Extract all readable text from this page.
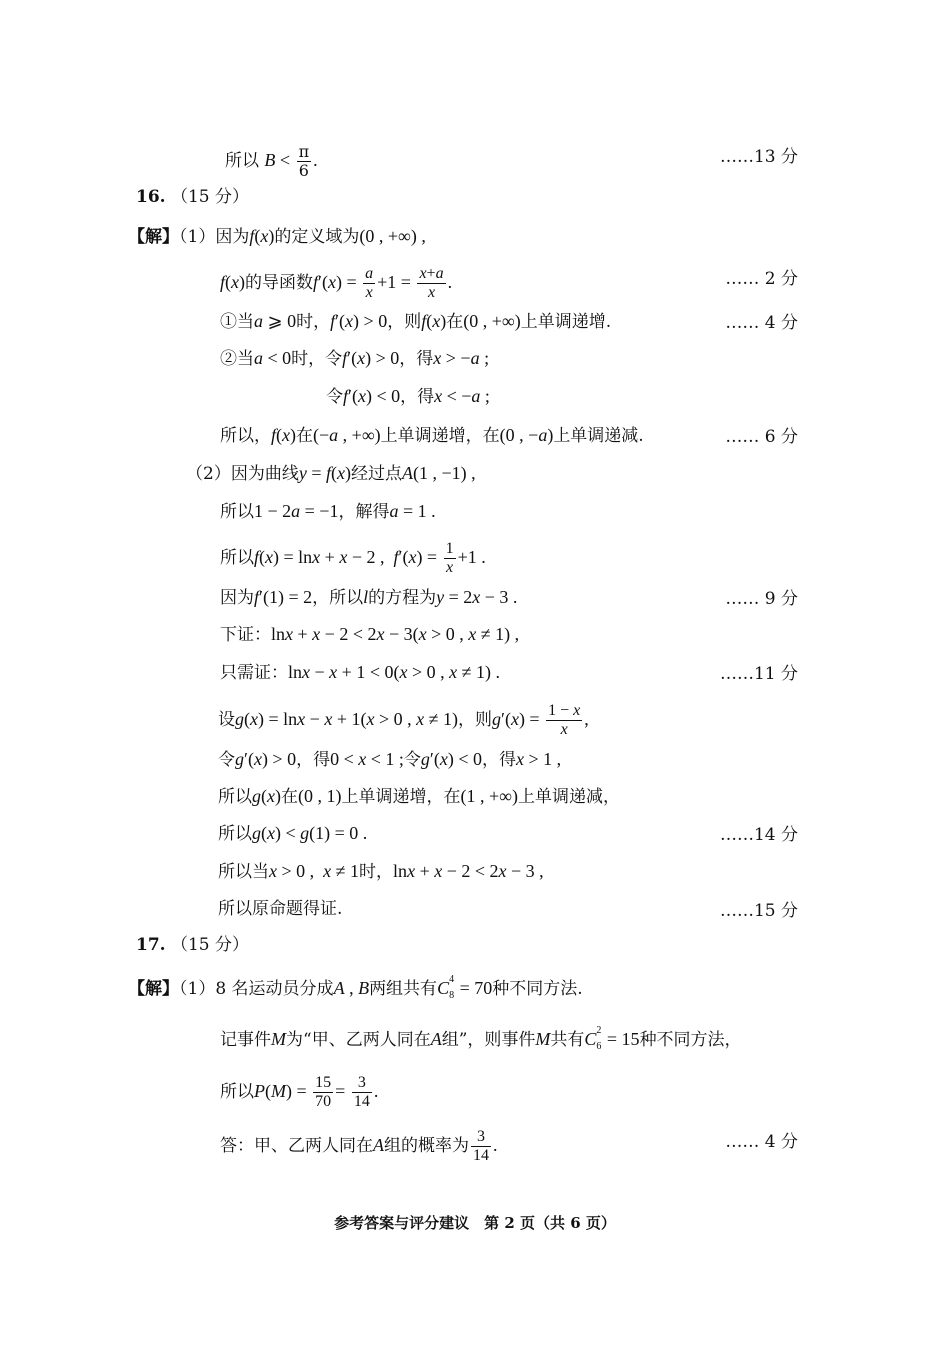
所以 $B < \frac{\pi}{6}$ .	……13 分
16. （15 分）
【解】（1）因为f(x)的定义域为(0 , +∞) ,
f(x)的导函数$f'(x) = \frac{a}{x} +1 = \frac{x+a}{x}$ .	…… 2 分
①当a ⩾ 0时，f′(x) > 0，则f(x)在(0 , +∞)上单调递增.	…… 4 分
②当a < 0时，令f′(x) > 0，得x > −a ;
令f′(x) < 0，得x < −a ;
所以，f(x)在(−a , +∞)上单调递增，在(0 , −a)上单调递减.	…… 6 分
（2）因为曲线y = f(x)经过点A(1 , −1) ,
所以1 − 2a = −1，解得a = 1 .
所以f(x) = lnx + x − 2 ,  $f'(x) = \frac{1}{x} +1$ .
因为f′(1) = 2，所以l的方程为y = 2x − 3 .	…… 9 分
下证：lnx + x − 2 < 2x − 3(x > 0 , x ≠ 1) ,
只需证：lnx − x + 1 < 0(x > 0 , x ≠ 1) .	……11 分
设g(x) = lnx − x + 1(x > 0 , x ≠ 1)，则$g'(x) = \frac{1 - x}{x}$ ,
令g′(x) > 0，得0 < x < 1 ;令g′(x) < 0，得x > 1 ,
所以g(x)在(0 , 1)上单调递增，在(1 , +∞)上单调递减，
所以g(x) < g(1) = 0 .	……14 分
所以当x > 0 ,  x ≠ 1时，lnx + x − 2 < 2x − 3 ,
所以原命题得证.	……15 分
17. （15 分）
【解】（1）8 名运动员分成A , B两组共有C 4
8 = 70种不同方法.
记事件M为“甲、乙两人同在A组”，则事件M共有C 2
6 = 15种不同方法，
所以$P(M) = \frac{15}{70} = \frac{3}{14}$ .
答：甲、乙两人同在A组的概率为 $\frac{3}{14}$ .	…… 4 分
参考答案与评分建议　第 2 页（共 6 页）
